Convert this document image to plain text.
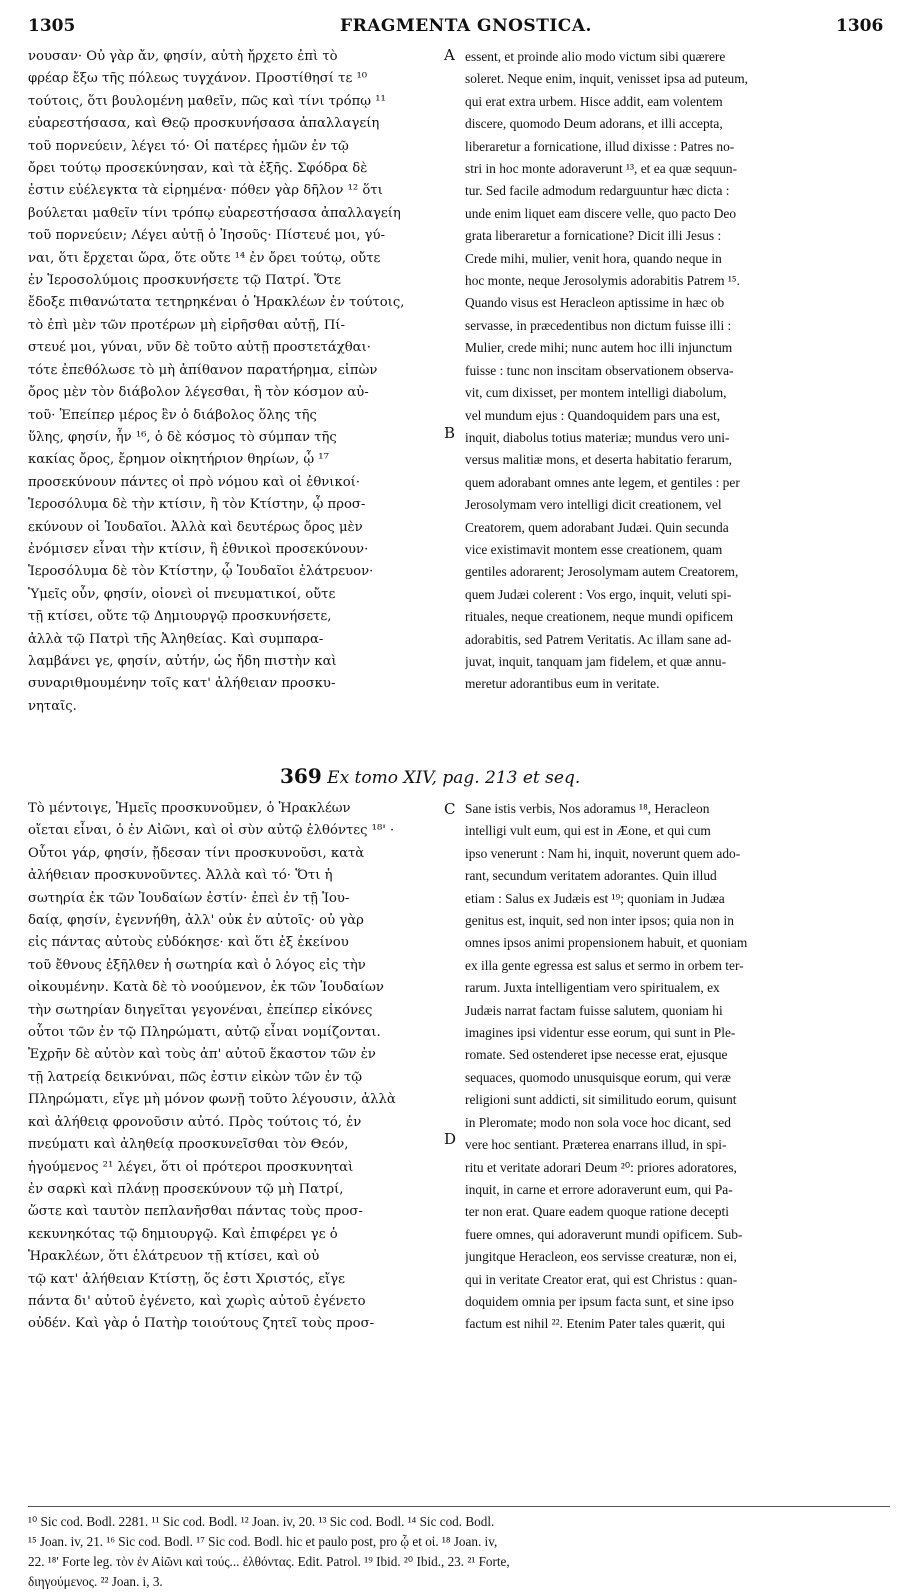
1305	FRAGMENTA GNOSTICA.	1306
A
B
C
D
νουσαν· Οὐ γὰρ ἄν, φησίν, αὐτὴ ἤρχετο ἐπὶ τὸ
φρέαρ ἔξω τῆς πόλεως τυγχάνον. Προστίθησί τε ¹⁰
τούτοις, ὅτι βουλομένη μαθεῖν, πῶς καὶ τίνι τρόπῳ ¹¹
εὐαρεστήσασα, καὶ Θεῷ προσκυνήσασα ἀπαλλαγείη
τοῦ πορνεύειν, λέγει τό· Οἱ πατέρες ἡμῶν ἐν τῷ
ὄρει τούτῳ προσεκύνησαν, καὶ τὰ ἑξῆς. Σφόδρα δὲ
ἐστιν εὐέλεγκτα τὰ εἰρημένα· πόθεν γὰρ δῆλον ¹² ὅτι
βούλεται μαθεῖν τίνι τρόπῳ εὐαρεστήσασα ἀπαλλαγείη
τοῦ πορνεύειν; Λέγει αὐτῇ ὁ Ἰησοῦς· Πίστευέ μοι, γύ-
ναι, ὅτι ἔρχεται ὥρα, ὅτε οὔτε ¹⁴ ἐν ὄρει τούτῳ, οὔτε
ἐν Ἱεροσολύμοις προσκυνήσετε τῷ Πατρί. Ὅτε
ἔδοξε πιθανώτατα τετηρηκέναι ὁ Ἡρακλέων ἐν τούτοις,
τὸ ἐπὶ μὲν τῶν προτέρων μὴ εἰρῆσθαι αὐτῇ, Πί-
στευέ μοι, γύναι, νῦν δὲ τοῦτο αὐτῇ προστετάχθαι·
τότε ἐπεθόλωσε τὸ μὴ ἀπίθανον παρατήρημα, εἰπὼν
ὄρος μὲν τὸν διάβολον λέγεσθαι, ἢ τὸν κόσμον αὐ-
τοῦ· Ἐπείπερ μέρος ἓν ὁ διάβολος ὅλης τῆς
ὕλης, φησίν, ἦν ¹⁶, ὁ δὲ κόσμος τὸ σύμπαν τῆς
κακίας ὄρος, ἔρημον οἰκητήριον θηρίων, ᾧ ¹⁷
προσεκύνουν πάντες οἱ πρὸ νόμου καὶ οἱ ἐθνικοί·
Ἱεροσόλυμα δὲ τὴν κτίσιν, ἢ τὸν Κτίστην, ᾧ προσ-
εκύνουν οἱ Ἰουδαῖοι. Ἀλλὰ καὶ δευτέρως ὄρος μὲν
ἐνόμισεν εἶναι τὴν κτίσιν, ἣ ἐθνικοὶ προσεκύνουν·
Ἱεροσόλυμα δὲ τὸν Κτίστην, ᾧ Ἰουδαῖοι ἐλάτρευον·
Ὑμεῖς οὖν, φησίν, οἱονεὶ οἱ πνευματικοί, οὔτε
τῇ κτίσει, οὔτε τῷ Δημιουργῷ προσκυνήσετε,
ἀλλὰ τῷ Πατρὶ τῆς Ἀληθείας. Καὶ συμπαρα-
λαμβάνει γε, φησίν, αὐτήν, ὡς ἤδη πιστὴν καὶ
συναριθμουμένην τοῖς κατ' ἀλήθειαν προσκυ-
νηταῖς.
essent, et proinde alio modo victum sibi quærere
soleret. Neque enim, inquit, venisset ipsa ad puteum,
qui erat extra urbem. Hisce addit, eam volentem
discere, quomodo Deum adorans, et illi accepta,
liberaretur a fornicatione, illud dixisse : Patres no-
stri in hoc monte adoraverunt ¹³, et ea quæ sequun-
tur. Sed facile admodum redarguuntur hæc dicta :
unde enim liquet eam discere velle, quo pacto Deo
grata liberaretur a fornicatione? Dicit illi Jesus :
Crede mihi, mulier, venit hora, quando neque in
hoc monte, neque Jerosolymis adorabitis Patrem ¹⁵.
Quando visus est Heracleon aptissime in hæc ob
servasse, in præcedentibus non dictum fuisse illi :
Mulier, crede mihi; nunc autem hoc illi injunctum
fuisse : tunc non inscitam observationem observa-
vit, cum dixisset, per montem intelligi diabolum,
vel mundum ejus : Quandoquidem pars una est,
inquit, diabolus totius materiæ; mundus vero uni-
versus malitiæ mons, et deserta habitatio ferarum,
quem adorabant omnes ante legem, et gentiles : per
Jerosolymam vero intelligi dicit creationem, vel
Creatorem, quem adorabant Judæi. Quin secunda
vice existimavit montem esse creationem, quam
gentiles adorarent; Jerosolymam autem Creatorem,
quem Judæi colerent : Vos ergo, inquit, veluti spi-
rituales, neque creationem, neque mundi opificem
adorabitis, sed Patrem Veritatis. Ac illam sane ad-
juvat, inquit, tanquam jam fidelem, et quæ annu-
meretur adorantibus eum in veritate.
369 Ex tomo XIV, pag. 213 et seq.
Τὸ μέντοιγε, Ἡμεῖς προσκυνοῦμεν, ὁ Ἡρακλέων
οἴεται εἶναι, ὁ ἐν Αἰῶνι, καὶ οἱ σὺν αὐτῷ ἐλθόντες ¹⁸' ·
Οὗτοι γάρ, φησίν, ᾔδεσαν τίνι προσκυνοῦσι, κατὰ
ἀλήθειαν προσκυνοῦντες. Ἀλλὰ καὶ τό· Ὅτι ἡ
σωτηρία ἐκ τῶν Ἰουδαίων ἐστίν· ἐπεὶ ἐν τῇ Ἰου-
δαίᾳ, φησίν, ἐγεννήθη, ἀλλ' οὐκ ἐν αὐτοῖς· οὐ γὰρ
εἰς πάντας αὐτοὺς εὐδόκησε· καὶ ὅτι ἐξ ἐκείνου
τοῦ ἔθνους ἐξῆλθεν ἡ σωτηρία καὶ ὁ λόγος εἰς τὴν
οἰκουμένην. Κατὰ δὲ τὸ νοούμενον, ἐκ τῶν Ἰουδαίων
τὴν σωτηρίαν διηγεῖται γεγονέναι, ἐπείπερ εἰκόνες
οὗτοι τῶν ἐν τῷ Πληρώματι, αὐτῷ εἶναι νομίζονται.
Ἐχρῆν δὲ αὐτὸν καὶ τοὺς ἀπ' αὐτοῦ ἕκαστον τῶν ἐν
τῇ λατρείᾳ δεικνύναι, πῶς ἐστιν εἰκὼν τῶν ἐν τῷ
Πληρώματι, εἴγε μὴ μόνον φωνῇ τοῦτο λέγουσιν, ἀλλὰ
καὶ ἀλήθειᾳ φρονοῦσιν αὐτό. Πρὸς τούτοις τό, ἐν
πνεύματι καὶ ἀληθείᾳ προσκυνεῖσθαι τὸν Θεόν,
ἡγούμενος ²¹ λέγει, ὅτι οἱ πρότεροι προσκυνηταὶ
ἐν σαρκὶ καὶ πλάνῃ προσεκύνουν τῷ μὴ Πατρί,
ὥστε καὶ ταυτὸν πεπλανῆσθαι πάντας τοὺς προσ-
κεκυνηκότας τῷ δημιουργῷ. Καὶ ἐπιφέρει γε ὁ
Ἡρακλέων, ὅτι ἐλάτρευον τῇ κτίσει, καὶ οὐ
τῷ κατ' ἀλήθειαν Κτίστῃ, ὅς ἐστι Χριστός, εἴγε
πάντα δι' αὐτοῦ ἐγένετο, καὶ χωρὶς αὐτοῦ ἐγένετο
οὐδέν. Καὶ γὰρ ὁ Πατὴρ τοιούτους ζητεῖ τοὺς προσ-
Sane istis verbis, Nos adoramus ¹⁸, Heracleon
intelligi vult eum, qui est in Æone, et qui cum
ipso venerunt : Nam hi, inquit, noverunt quem ado-
rant, secundum veritatem adorantes. Quin illud
etiam : Salus ex Judæis est ¹⁹; quoniam in Judæa
genitus est, inquit, sed non inter ipsos; quia non in
omnes ipsos animi propensionem habuit, et quoniam
ex illa gente egressa est salus et sermo in orbem ter-
rarum. Juxta intelligentiam vero spiritualem, ex
Judæis narrat factam fuisse salutem, quoniam hi
imagines ipsi videntur esse eorum, qui sunt in Ple-
romate. Sed ostenderet ipse necesse erat, ejusque
sequaces, quomodo unusquisque eorum, qui veræ
religioni sunt addicti, sit similitudo eorum, quisunt
in Pleromate; modo non sola voce hoc dicant, sed
vere hoc sentiant. Præterea enarrans illud, in spi-
ritu et veritate adorari Deum ²⁰: priores adoratores,
inquit, in carne et errore adoraverunt eum, qui Pa-
ter non erat. Quare eadem quoque ratione decepti
fuere omnes, qui adoraverunt mundi opificem. Sub-
jungitque Heracleon, eos servisse creaturæ, non ei,
qui in veritate Creator erat, qui est Christus : quan-
doquidem omnia per ipsum facta sunt, et sine ipso
factum est nihil ²². Etenim Pater tales quærit, qui
¹⁰ Sic cod. Bodl. 2281. ¹¹ Sic cod. Bodl. ¹² Joan. iv, 20. ¹³ Sic cod. Bodl. ¹⁴ Sic cod. Bodl.
¹⁵ Joan. iv, 21. ¹⁶ Sic cod. Bodl. ¹⁷ Sic cod. Bodl. hic et paulo post, pro ᾧ et οἱ. ¹⁸ Joan. iv,
22. ¹⁸' Forte leg. τὸν ἐν Αἰῶνι καὶ τούς... ἐλθόντας. Edit. Patrol. ¹⁹ Ibid. ²⁰ Ibid., 23. ²¹ Forte,
διηγούμενος. ²² Joan. i, 3.
